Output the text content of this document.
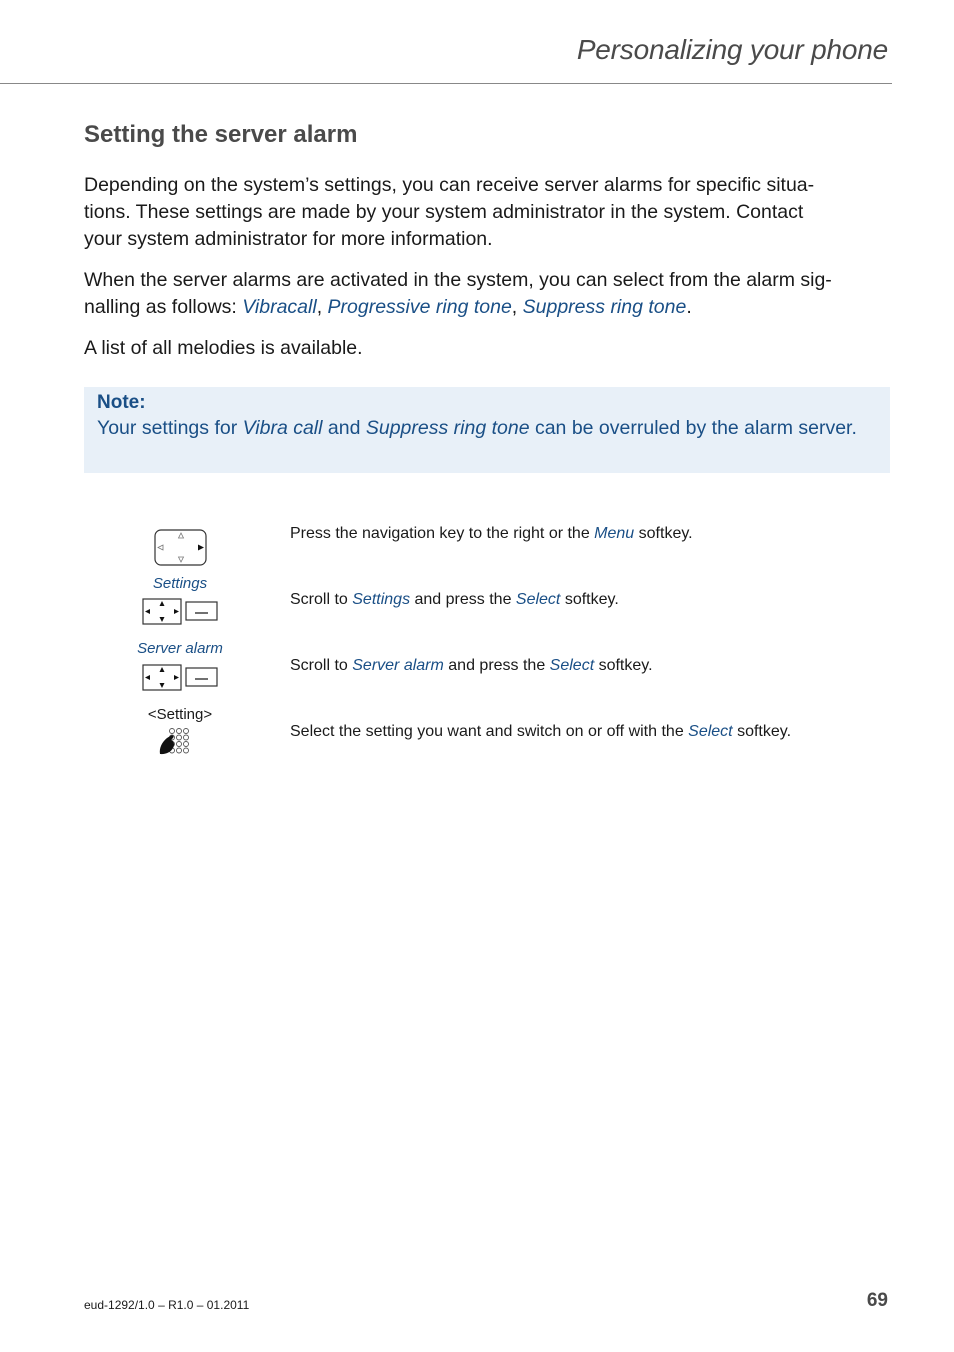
Personalizing your phone
Setting the server alarm

Depending on the system’s settings, you can receive server alarms for specific situa-
tions. These settings are made by your system administrator in the system. Contact
your system administrator for more information.

When the server alarms are activated in the system, you can select from the alarm sig-
nalling as follows: Vibracall, Progressive ring tone, Suppress ring tone.

A list of all melodies is available.

Note:
Your settings for Vibra call and Suppress ring tone can be overruled by the alarm server.
Press the navigation key to the right or the Menu softkey.
Settings
Scroll to Settings and press the Select softkey.
Server alarm
Scroll to Server alarm and press the Select softkey.
<Setting>
Select the setting you want and switch on or off with the Select softkey.
eud-1292/1.0 – R1.0 – 01.2011	69
